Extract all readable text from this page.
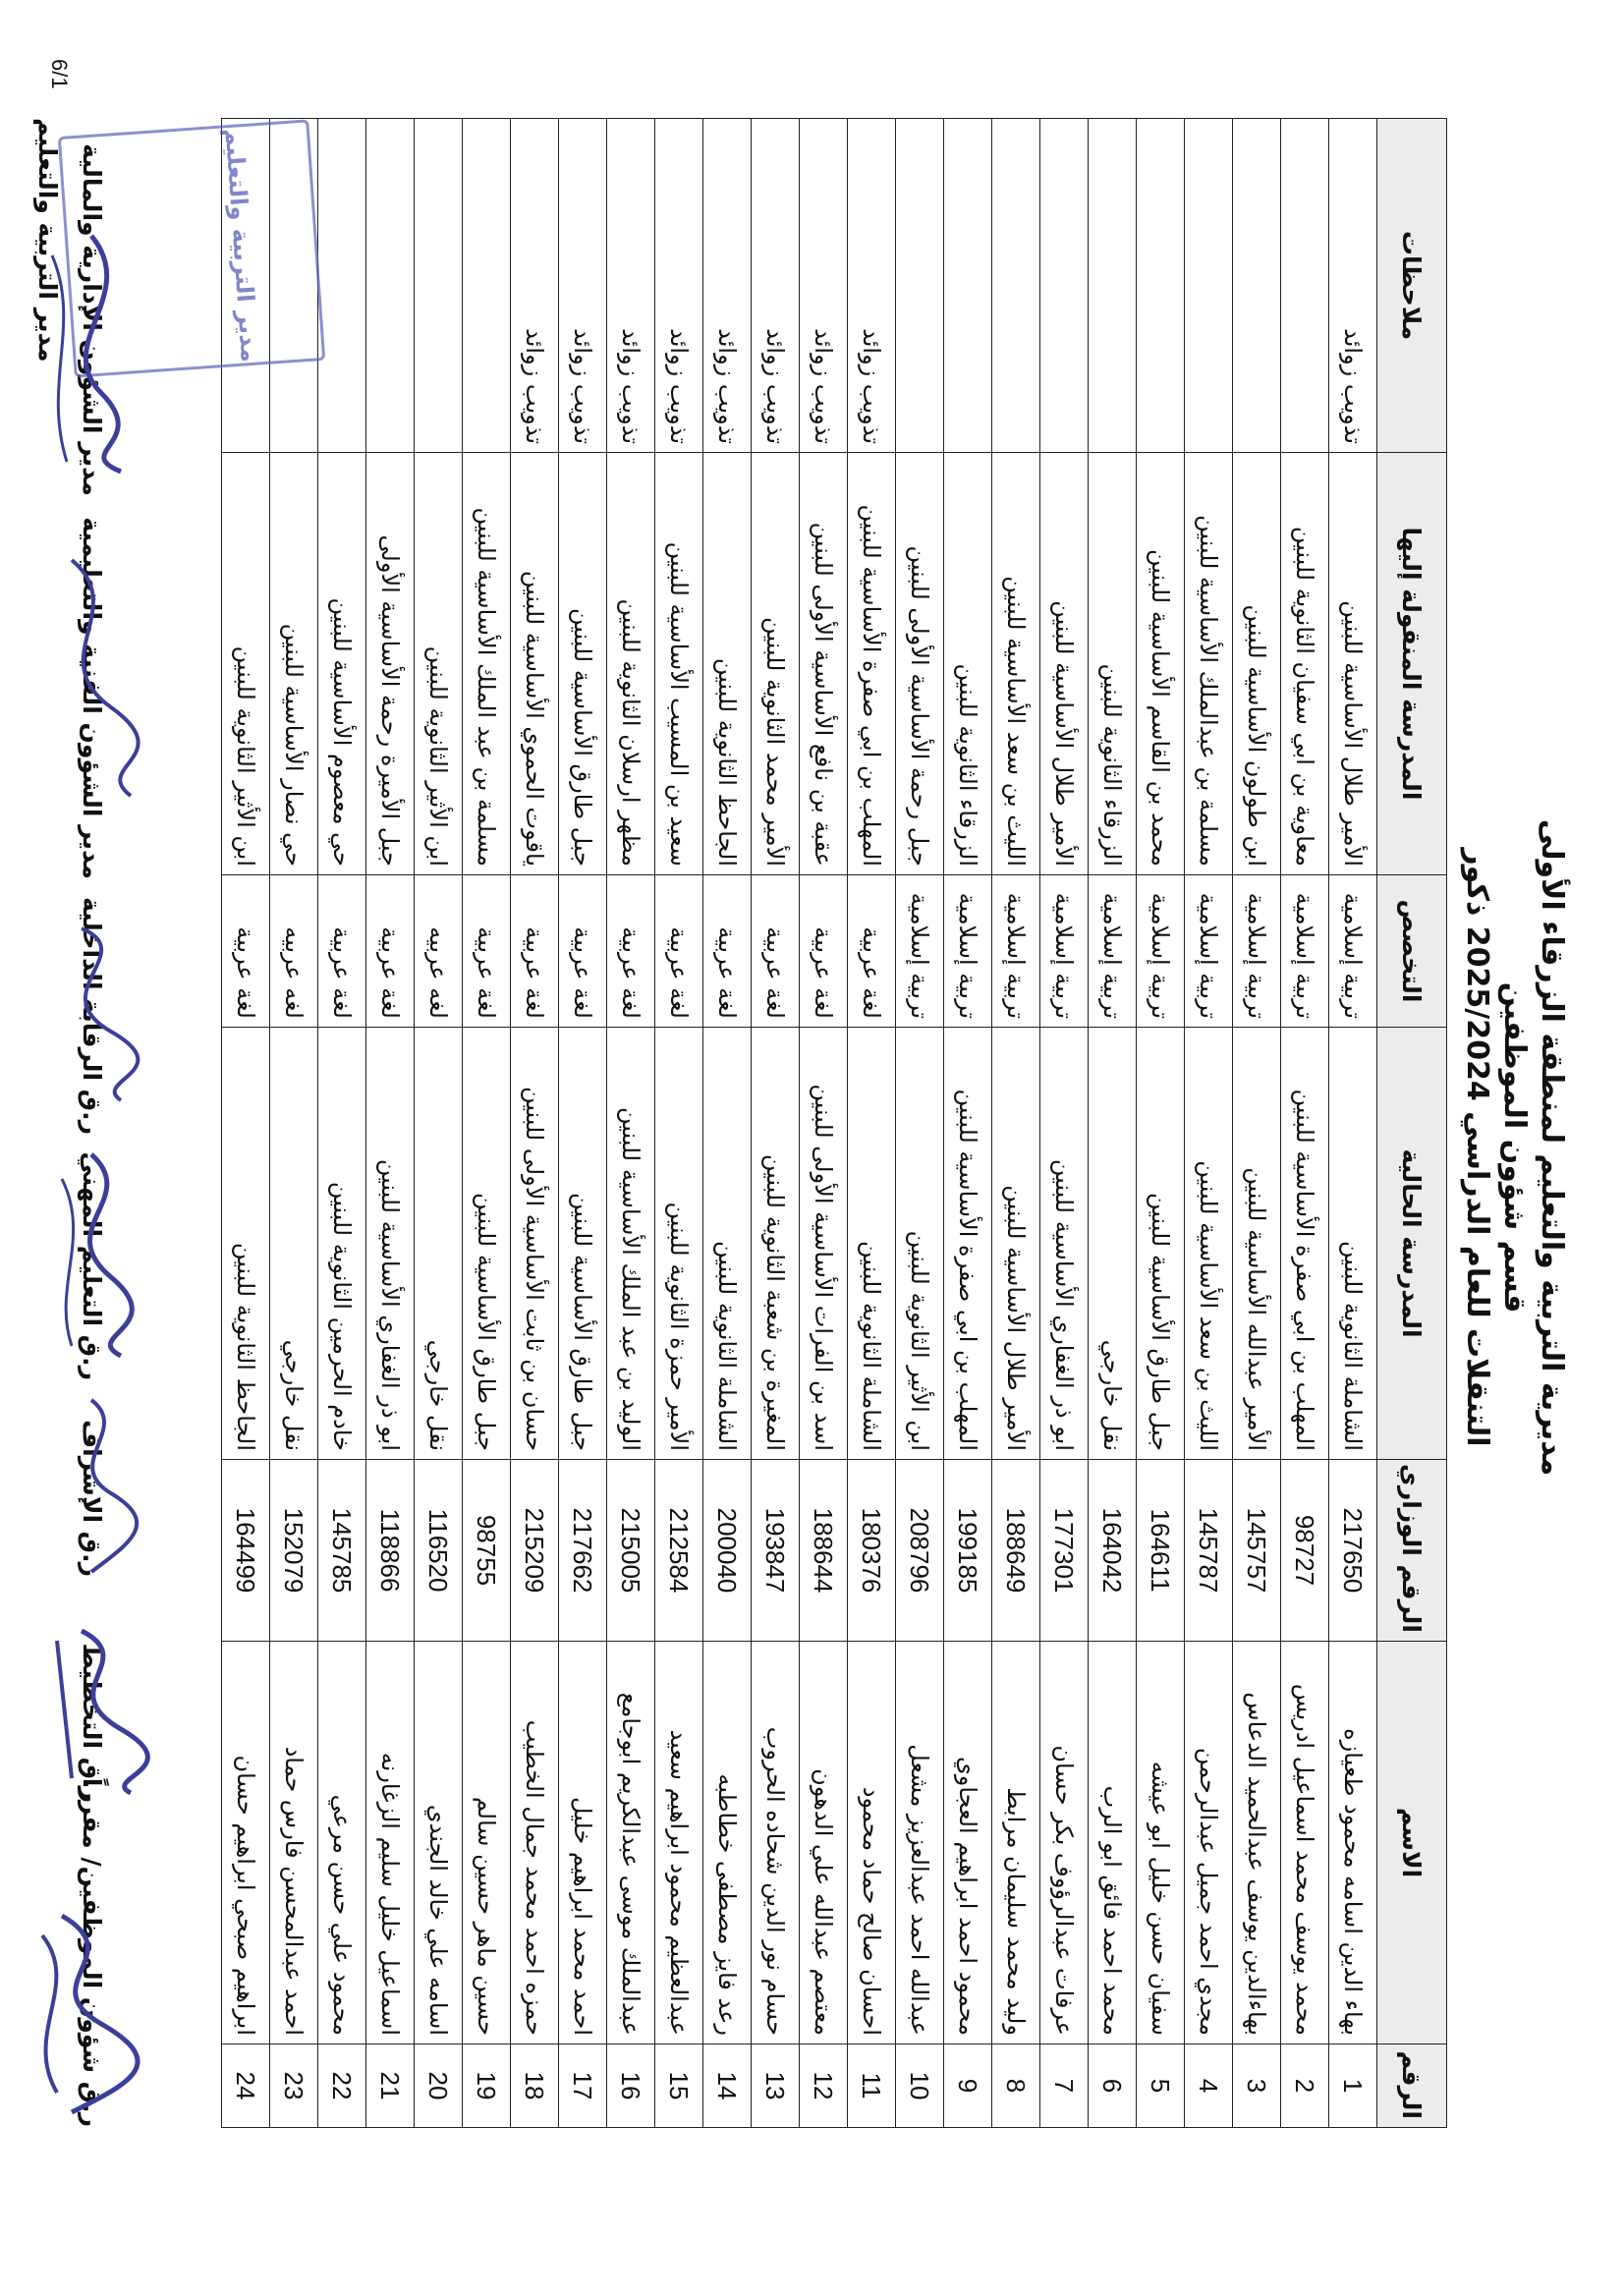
مديرية التربية والتعليم لمنطقة الزرقاء الأولى
قسم شؤون الموظفين
التنقلات للعام الدراسي 2025/2024 ذكور
الرقم	الاسم	الرقم الوزاري	المدرسة الحالية	التخصص	المدرسة المنقولة إليها	ملاحظات
1	بهاء الدين اسامه محمود طعيازه	217650	الشاملة الثانوية للبنين	تربية إسلامية	الأمير طلال الأساسية للبنين	تذويب زوائد
2	محمد يوسف محمد اسماعيل ادريس	98727	المهلب بن ابي صفرة الأساسية للبنين	تربية إسلامية	معاوية بن ابي سفيان الثانوية للبنين	
3	بهاءالدين يوسف عبدالحميد الدعاس	145757	الأمير عبدالله الأساسية للبنين	تربية إسلامية	ابن طولون الأساسية للبنين	
4	مجدي احمد جميل عبدالرحمن	145787	الليث بن سعد الأساسية للبنين	تربية إسلامية	مسلمة بن عبدالملك الأساسية للبنين	
5	سفيان حسن خليل ابو عيشه	164611	جبل طارق الأساسية للبنين	تربية إسلامية	محمد بن القاسم الأساسية للبنين	
6	محمد احمد فائق ابو الرب	164042	نقل خارجي	تربية إسلامية	الزرقاء الثانوية للبنين	
7	عرفات عبدالرؤوف بكر حسان	177301	ابو ذر الغفاري الأساسية للبنين	تربية إسلامية	الأمير طلال الأساسية للبنين	
8	وليد محمد سليمان مرابط	188649	الأمير طلال الأساسية للبنين	تربية إسلامية	الليث بن سعد الأساسية للبنين	
9	محمود احمد ابراهيم العجاوي	199185	المهلب بن ابي صفرة الأساسية للبنين	تربية إسلامية	الزرقاء الثانوية للبنين	
10	عبدالله احمد عبدالعزيز مشعل	208796	ابن الأثير الثانوية للبنين	تربية إسلامية	جبل رحمة الأساسية الأولى للبنين	
11	احسان صالح حماد محمود	180376	الشاملة الثانوية للبنين	لغة عربية	المهلب بن ابي صفرة الأساسية للبنين	تذويب زوائد
12	معتصم عبدالله علي الدهون	188644	اسد بن الفرات الأساسية الأولى للبنين	لغة عربية	عقبة بن نافع الأساسية الأولى للبنين	تذويب زوائد
13	حسام نور الدين شحاده الحروب	193847	المغيرة بن شعبة الثانوية للبنين	لغة عربية	الأمير محمد الثانوية للبنين	تذويب زوائد
14	رعد فايز مصطفى خطاطبه	200040	الشاملة الثانوية للبنين	لغة عربية	الجاحظ الثانوية للبنين	تذويب زوائد
15	عبدالعظيم محمود ابراهيم سعيد	212584	الأمير حمزة الثانوية للبنين	لغة عربية	سعيد بن المسيب الأساسية للبنين	تذويب زوائد
16	عبدالملك موسى عبدالكريم ابوجامع	215005	الوليد بن عبد الملك الأساسية للبنين	لغة عربية	مظهر ارسلان الثانوية للبنين	تذويب زوائد
17	احمد محمد ابراهيم خليل	217662	جبل طارق الأساسية للبنين	لغة عربية	جبل طارق الأساسية للبنين	تذويب زوائد
18	حمزه احمد محمد جمال الخطيب	215209	حسان بن ثابت الأساسية الأولى للبنين	لغة عربية	ياقوت الحموي الأساسية للبنين	تذويب زوائد
19	حسين ماهر حسين سالم	98755	جبل طارق الأساسية للبنين	لغة عربية	مسلمة بن عبد الملك الأساسية للبنين	
20	اسامه علي خالد الجندي	116520	نقل خارجي	لغه عربيه	ابن الأثير الثانوية للبنين	
21	اسماعيل خليل سليم الزغارنه	118866	ابو ذر الغفاري الأساسية للبنين	لغة عربية	جبل الأميرة رحمة الأساسية الأولى	
22	محمود علي حسن مرعي	145785	خادم الحرمين الثانوية للبنين	لغة عربية	حي معصوم الأساسية للبنين	
23	احمد عبدالمحسن فارس حماد	152079	نقل خارجي	لغه عربيه	حي نصار الأساسية للبنين	
24	ابراهيم صبحي ابراهيم حسان	164499	الجاحظ الثانوية للبنين	لغة عربية	ابن الأثير الثانوية للبنين	
ر.ق شؤون الموظفين/ مقرراً
ر.ق التخطيط
ر.ق الإشراف
ر.ق التعليم المهني
ر.ق الرقابة الداخلية
مدير الشؤون الفنية والتعليمية
مدير الشؤون الإدارية والمالية
مدير التربية والتعليم	مدير التربية والتعليم
6/1
